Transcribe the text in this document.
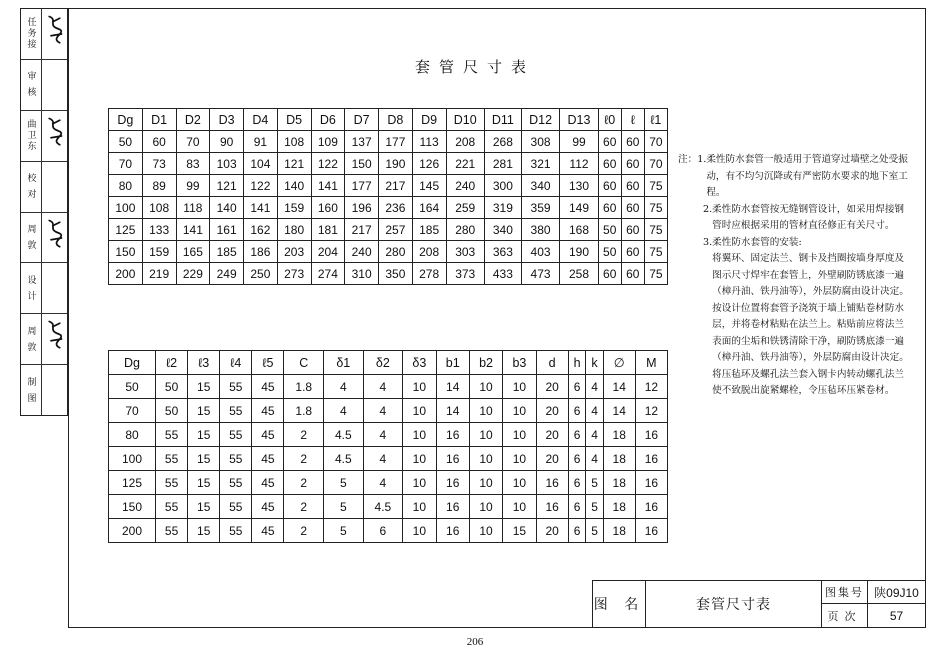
任务接
审 核
曲卫东
校 对
周 敦
设 计
周 敦
制 图
套管尺寸表
Dg	D1	D2	D3	D4	D5	D6	D7	D8	D9	D10	D11	D12	D13	ℓ0	ℓ	ℓ1
50	60	70	90	91	108	109	137	177	113	208	268	308	99	60	60	70
70	73	83	103	104	121	122	150	190	126	221	281	321	112	60	60	70
80	89	99	121	122	140	141	177	217	145	240	300	340	130	60	60	75
100	108	118	140	141	159	160	196	236	164	259	319	359	149	60	60	75
125	133	141	161	162	180	181	217	257	185	280	340	380	168	50	60	75
150	159	165	185	186	203	204	240	280	208	303	363	403	190	50	60	75
200	219	229	249	250	273	274	310	350	278	373	433	473	258	60	60	75
Dg	ℓ2	ℓ3	ℓ4	ℓ5	C	δ1	δ2	δ3	b1	b2	b3	d	h	k	∅	M
50	50	15	55	45	1.8	4	4	10	14	10	10	20	6	4	14	12
70	50	15	55	45	1.8	4	4	10	14	10	10	20	6	4	14	12
80	55	15	55	45	2	4.5	4	10	16	10	10	20	6	4	18	16
100	55	15	55	45	2	4.5	4	10	16	10	10	20	6	4	18	16
125	55	15	55	45	2	5	4	10	16	10	10	16	6	5	18	16
150	55	15	55	45	2	5	4.5	10	16	10	10	16	6	5	18	16
200	55	15	55	45	2	5	6	10	16	10	15	20	6	5	18	16
注：1. 柔性防水套管一般适用于管道穿过墙壁之处受振动，有不均匀沉降或有严密防水要求的地下室工程。
2. 柔性防水套管按无缝钢管设计，如采用焊接钢管时应根据采用的管材直径修正有关尺寸。
3. 柔性防水套管的安装:
将翼环、固定法兰、钢卡及挡圈按墙身厚度及图示尺寸焊牢在套管上，外壁刷防锈底漆一遍（樟丹油、铁丹油等），外层防腐由设计决定。按设计位置将套管予浇筑于墙上铺贴卷材防水层，并将卷材粘贴在法兰上。粘贴前应将法兰表面的尘垢和铁锈清除干净，刷防锈底漆一遍（樟丹油、铁丹油等），外层防腐由设计决定。将压毡环及螺孔法兰套入钢卡内转动螺孔法兰使不致脱出旋紧螺栓，令压毡环压紧卷材。
图 名	套管尺寸表
图集号 陕09J10
页次	57
206
